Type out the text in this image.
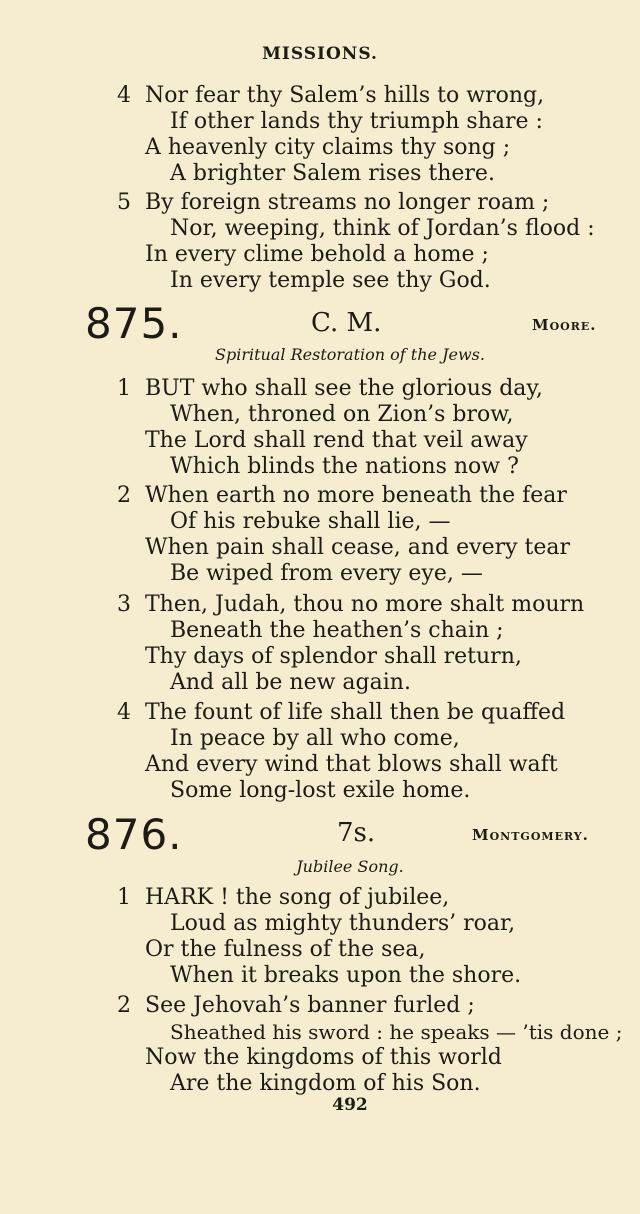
MISSIONS.
4 Nor fear thy Salem’s hills to wrong,
If other lands thy triumph share :
A heavenly city claims thy song ;
A brighter Salem rises there.
5 By foreign streams no longer roam ;
Nor, weeping, think of Jordan’s flood :
In every clime behold a home ;
In every temple see thy God.
875.	C. M.	Moore.
Spiritual Restoration of the Jews.
1 BUT who shall see the glorious day,
When, throned on Zion’s brow,
The Lord shall rend that veil away
Which blinds the nations now ?
2 When earth no more beneath the fear
Of his rebuke shall lie, —
When pain shall cease, and every tear
Be wiped from every eye, —
3 Then, Judah, thou no more shalt mourn
Beneath the heathen’s chain ;
Thy days of splendor shall return,
And all be new again.
4 The fount of life shall then be quaffed
In peace by all who come,
And every wind that blows shall waft
Some long-lost exile home.
876.	7s.	Montgomery.
Jubilee Song.
1 HARK ! the song of jubilee,
Loud as mighty thunders’ roar,
Or the fulness of the sea,
When it breaks upon the shore.
2 See Jehovah’s banner furled ;
Sheathed his sword : he speaks — ’tis done ;
Now the kingdoms of this world
Are the kingdom of his Son.
492
